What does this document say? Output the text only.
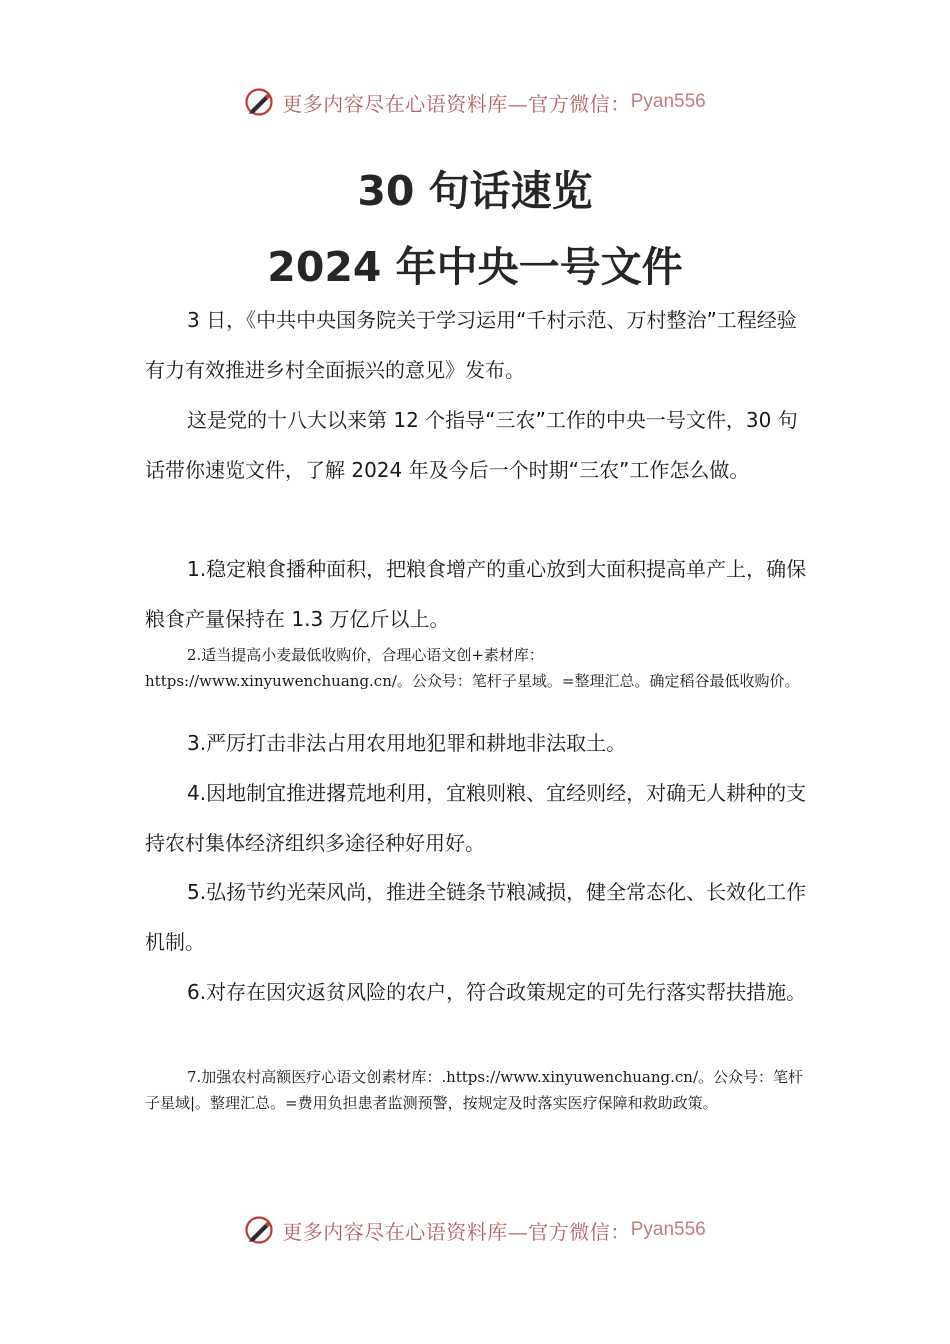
更多内容尽在心语资料库—官方微信： Pyan556
30 句话速览
2024 年中央一号文件

3 日，《中共中央国务院关于学习运用“千村示范、万村整治”工程经验有力有效推进乡村全面振兴的意见》发布。

这是党的十八大以来第 12 个指导“三农”工作的中央一号文件，30 句话带你速览文件，了解 2024 年及今后一个时期“三农”工作怎么做。

1.稳定粮食播种面积，把粮食增产的重心放到大面积提高单产上，确保粮食产量保持在 1.3 万亿斤以上。

2.适当提高小麦最低收购价，合理心语文创+素材库：https://www.xinyuwenchuang.cn/。公众号：笔杆子星域。=整理汇总。确定稻谷最低收购价。

3.严厉打击非法占用农用地犯罪和耕地非法取土。

4.因地制宜推进撂荒地利用，宜粮则粮、宜经则经，对确无人耕种的支持农村集体经济组织多途径种好用好。

5.弘扬节约光荣风尚，推进全链条节粮减损，健全常态化、长效化工作机制。

6.对存在因灾返贫风险的农户，符合政策规定的可先行落实帮扶措施。

7.加强农村高额医疗心语文创素材库：.https://www.xinyuwenchuang.cn/。公众号：笔杆子星域|。整理汇总。=费用负担患者监测预警，按规定及时落实医疗保障和救助政策。

更多内容尽在心语资料库—官方微信： Pyan556
